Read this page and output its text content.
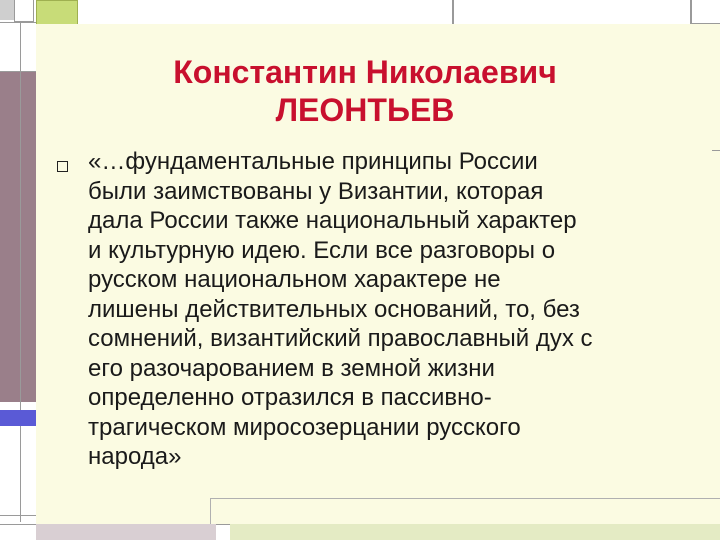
Константин Николаевич
ЛЕОНТЬЕВ

«…фундаментальные принципы России
были заимствованы у Византии, которая
дала России также национальный характер
и культурную идею. Если все разговоры о
русском национальном характере не
лишены действительных оснований, то, без
сомнений, византийский православный дух с
его разочарованием в земной жизни
определенно отразился в пассивно-
трагическом миросозерцании русского
народа»
